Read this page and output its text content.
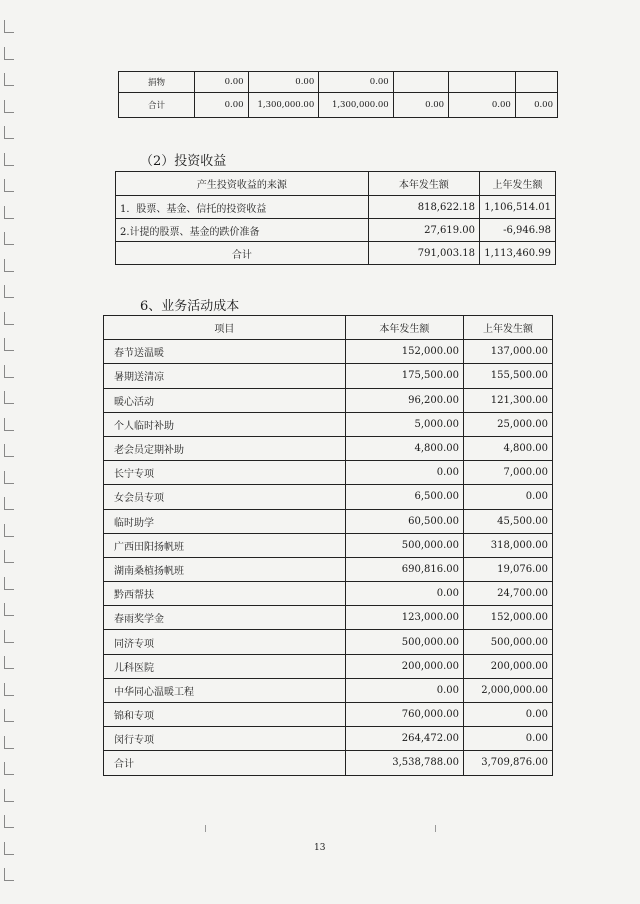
捐物	0.00	0.00	0.00			
合计	0.00	1,300,000.00	1,300,000.00	0.00	0.00	0.00
（2）投资收益
产生投资收益的来源	本年发生额	上年发生额
1．股票、基金、信托的投资收益	818,622.18	1,106,514.01
2.计提的股票、基金的跌价准备	27,619.00	-6,946.98
合计	791,003.18	1,113,460.99
6、业务活动成本
项目	本年发生额	上年发生额
春节送温暖	152,000.00	137,000.00
暑期送清凉	175,500.00	155,500.00
暖心活动	96,200.00	121,300.00
个人临时补助	5,000.00	25,000.00
老会员定期补助	4,800.00	4,800.00
长宁专项	0.00	7,000.00
女会员专项	6,500.00	0.00
临时助学	60,500.00	45,500.00
广西田阳扬帆班	500,000.00	318,000.00
湖南桑植扬帆班	690,816.00	19,076.00
黔西帮扶	0.00	24,700.00
春雨奖学金	123,000.00	152,000.00
同济专项	500,000.00	500,000.00
儿科医院	200,000.00	200,000.00
中华同心温暖工程	0.00	2,000,000.00
锦和专项	760,000.00	0.00
闵行专项	264,472.00	0.00
合计	3,538,788.00	3,709,876.00
13
